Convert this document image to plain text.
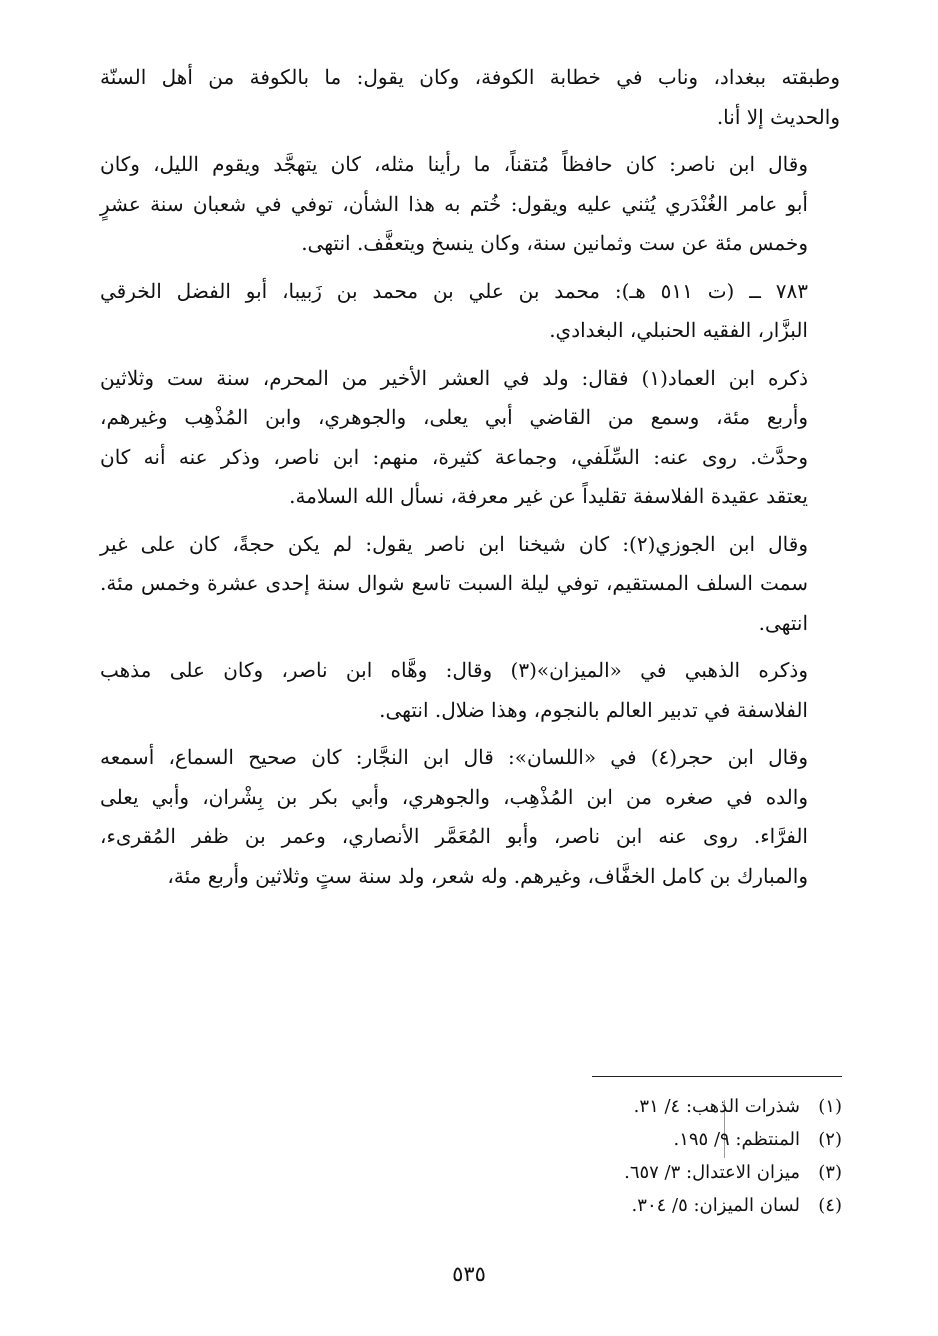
وطبقته ببغداد، وناب في خطابة الكوفة، وكان يقول: ما بالكوفة من أهل السنّة
والحديث إلا أنا.
وقال ابن ناصر: كان حافظاً مُتقناً، ما رأينا مثله، كان يتهجَّد ويقوم الليل، وكان
أبو عامر الغُنْدَري يُثني عليه ويقول: خُتم به هذا الشأن، توفي في شعبان سنة عشرٍ
وخمس مئة عن ست وثمانين سنة، وكان ينسخ ويتعفَّف. انتهى.
٧٨٣ ــ (ت ٥١١ هـ): محمد بن علي بن محمد بن زَبيبا، أبو الفضل الخرقي
البزَّار، الفقيه الحنبلي، البغدادي.
ذكره ابن العماد(١) فقال: ولد في العشر الأخير من المحرم، سنة ست وثلاثين
وأربع مئة، وسمع من القاضي أبي يعلى، والجوهري، وابن المُذْهِب وغيرهم،
وحدَّث. روى عنه: السِّلَفي، وجماعة كثيرة، منهم: ابن ناصر، وذكر عنه أنه كان
يعتقد عقيدة الفلاسفة تقليداً عن غير معرفة، نسأل الله السلامة.
وقال ابن الجوزي(٢): كان شيخنا ابن ناصر يقول: لم يكن حجةً، كان على غير
سمت السلف المستقيم، توفي ليلة السبت تاسع شوال سنة إحدى عشرة وخمس مئة.
انتهى.
وذكره الذهبي في «الميزان»(٣) وقال: وهَّاه ابن ناصر، وكان على مذهب
الفلاسفة في تدبير العالم بالنجوم، وهذا ضلال. انتهى.
وقال ابن حجر(٤) في «اللسان»: قال ابن النجَّار: كان صحيح السماع، أسمعه
والده في صغره من ابن المُذْهِب، والجوهري، وأبي بكر بن بِشْران، وأبي يعلى
الفرَّاء. روى عنه ابن ناصر، وأبو المُعَمَّر الأنصاري، وعمر بن ظفر المُقرىء،
والمبارك بن كامل الخفَّاف، وغيرهم. وله شعر، ولد سنة ستٍ وثلاثين وأربع مئة،
(١)شذرات الذهب: ٤/ ٣١.
(٢)المنتظم: ٩/ ١٩٥.
(٣)ميزان الاعتدال: ٣/ ٦٥٧.
(٤)لسان الميزان: ٥/ ٣٠٤.
٥٣٥
